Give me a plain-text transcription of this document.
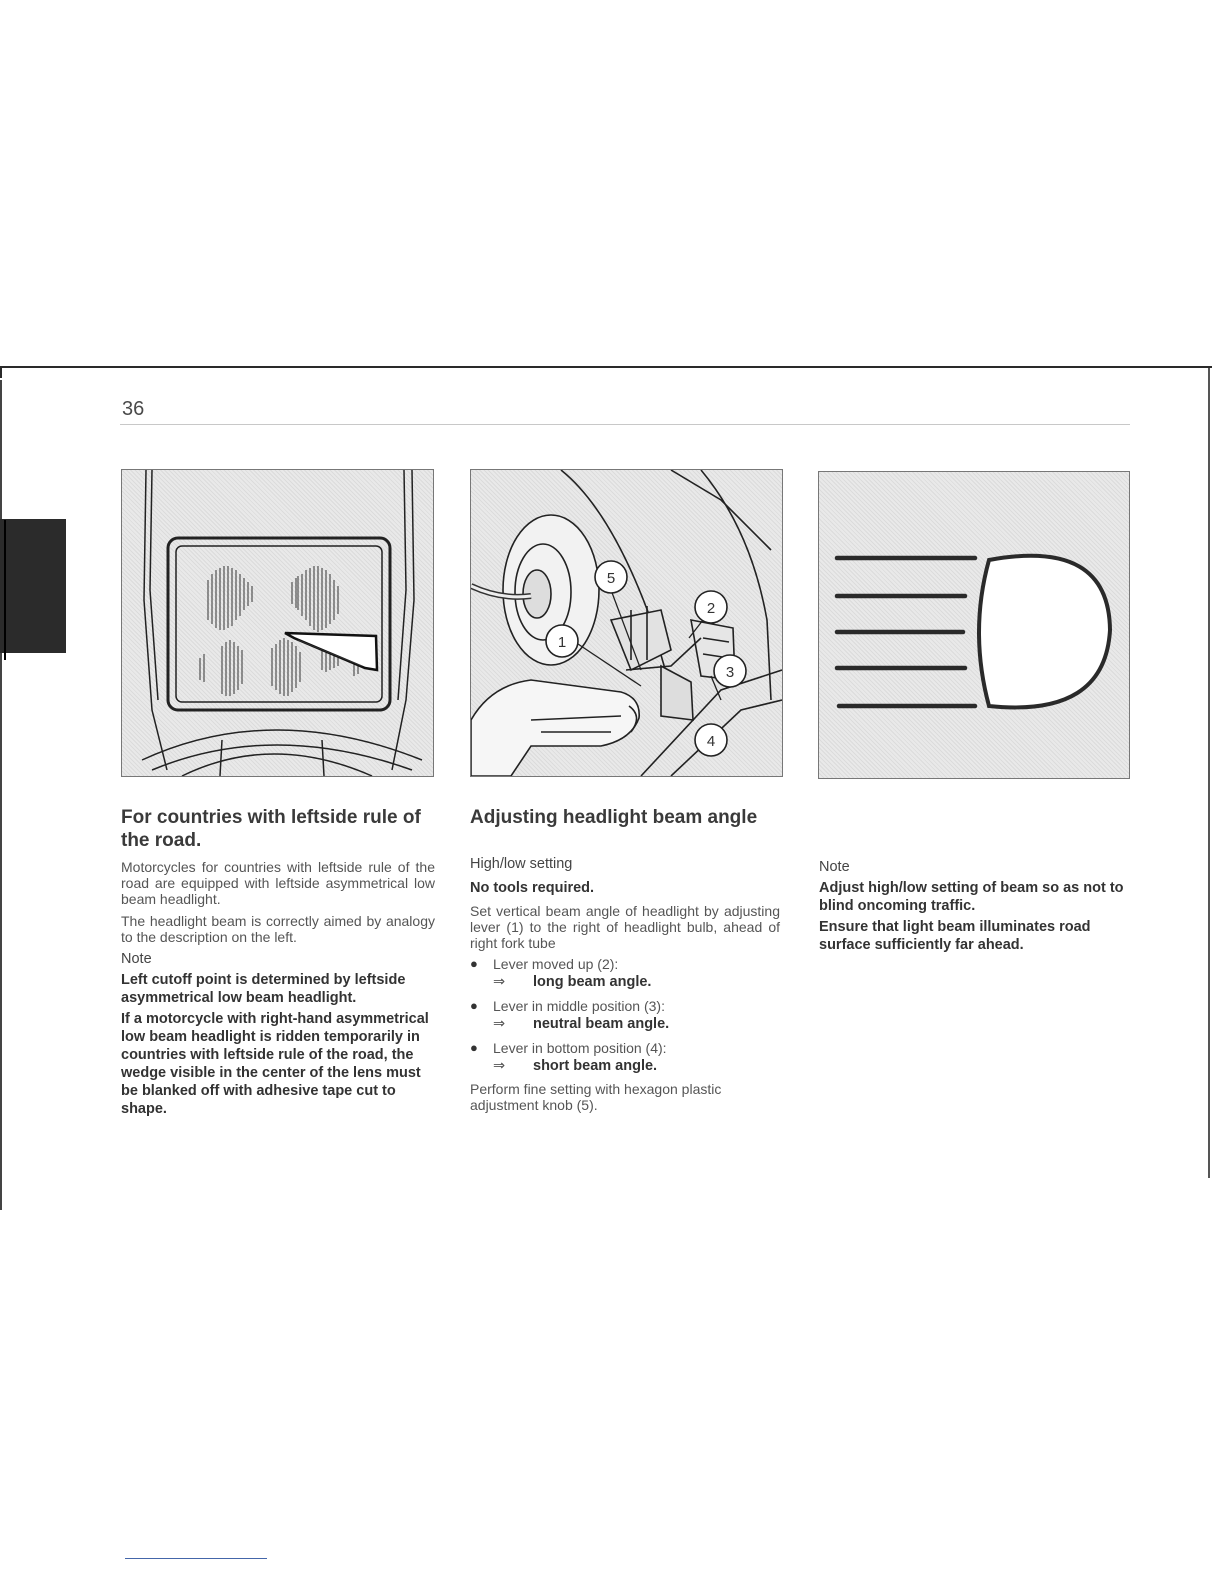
36
5
2
1
3
4
For countries with leftside rule of the road.

Motorcycles for countries with leftside rule of the road are equipped with leftside asymmetrical low beam headlight.

The headlight beam is correctly aimed by analogy to the description on the left.

Note

Left cutoff point is determined by leftside asymmetrical low beam headlight.

If a motorcycle with right-hand asymmetrical low beam headlight is ridden temporarily in countries with leftside rule of the road, the wedge visible in the center of the lens must be blanked off with adhesive tape cut to shape.

Adjusting headlight beam angle

High/low setting

No tools required.

Set vertical beam angle of headlight by adjusting lever (1) to the right of headlight bulb, ahead of right fork tube

● Lever moved up (2):
⇒ long beam angle.
● Lever in middle position (3):
⇒ neutral beam angle.
● Lever in bottom position (4):
⇒ short beam angle.

Perform fine setting with hexagon plastic adjustment knob (5).

Note

Adjust high/low setting of beam so as not to blind oncoming traffic.

Ensure that light beam illuminates road surface sufficiently far ahead.
